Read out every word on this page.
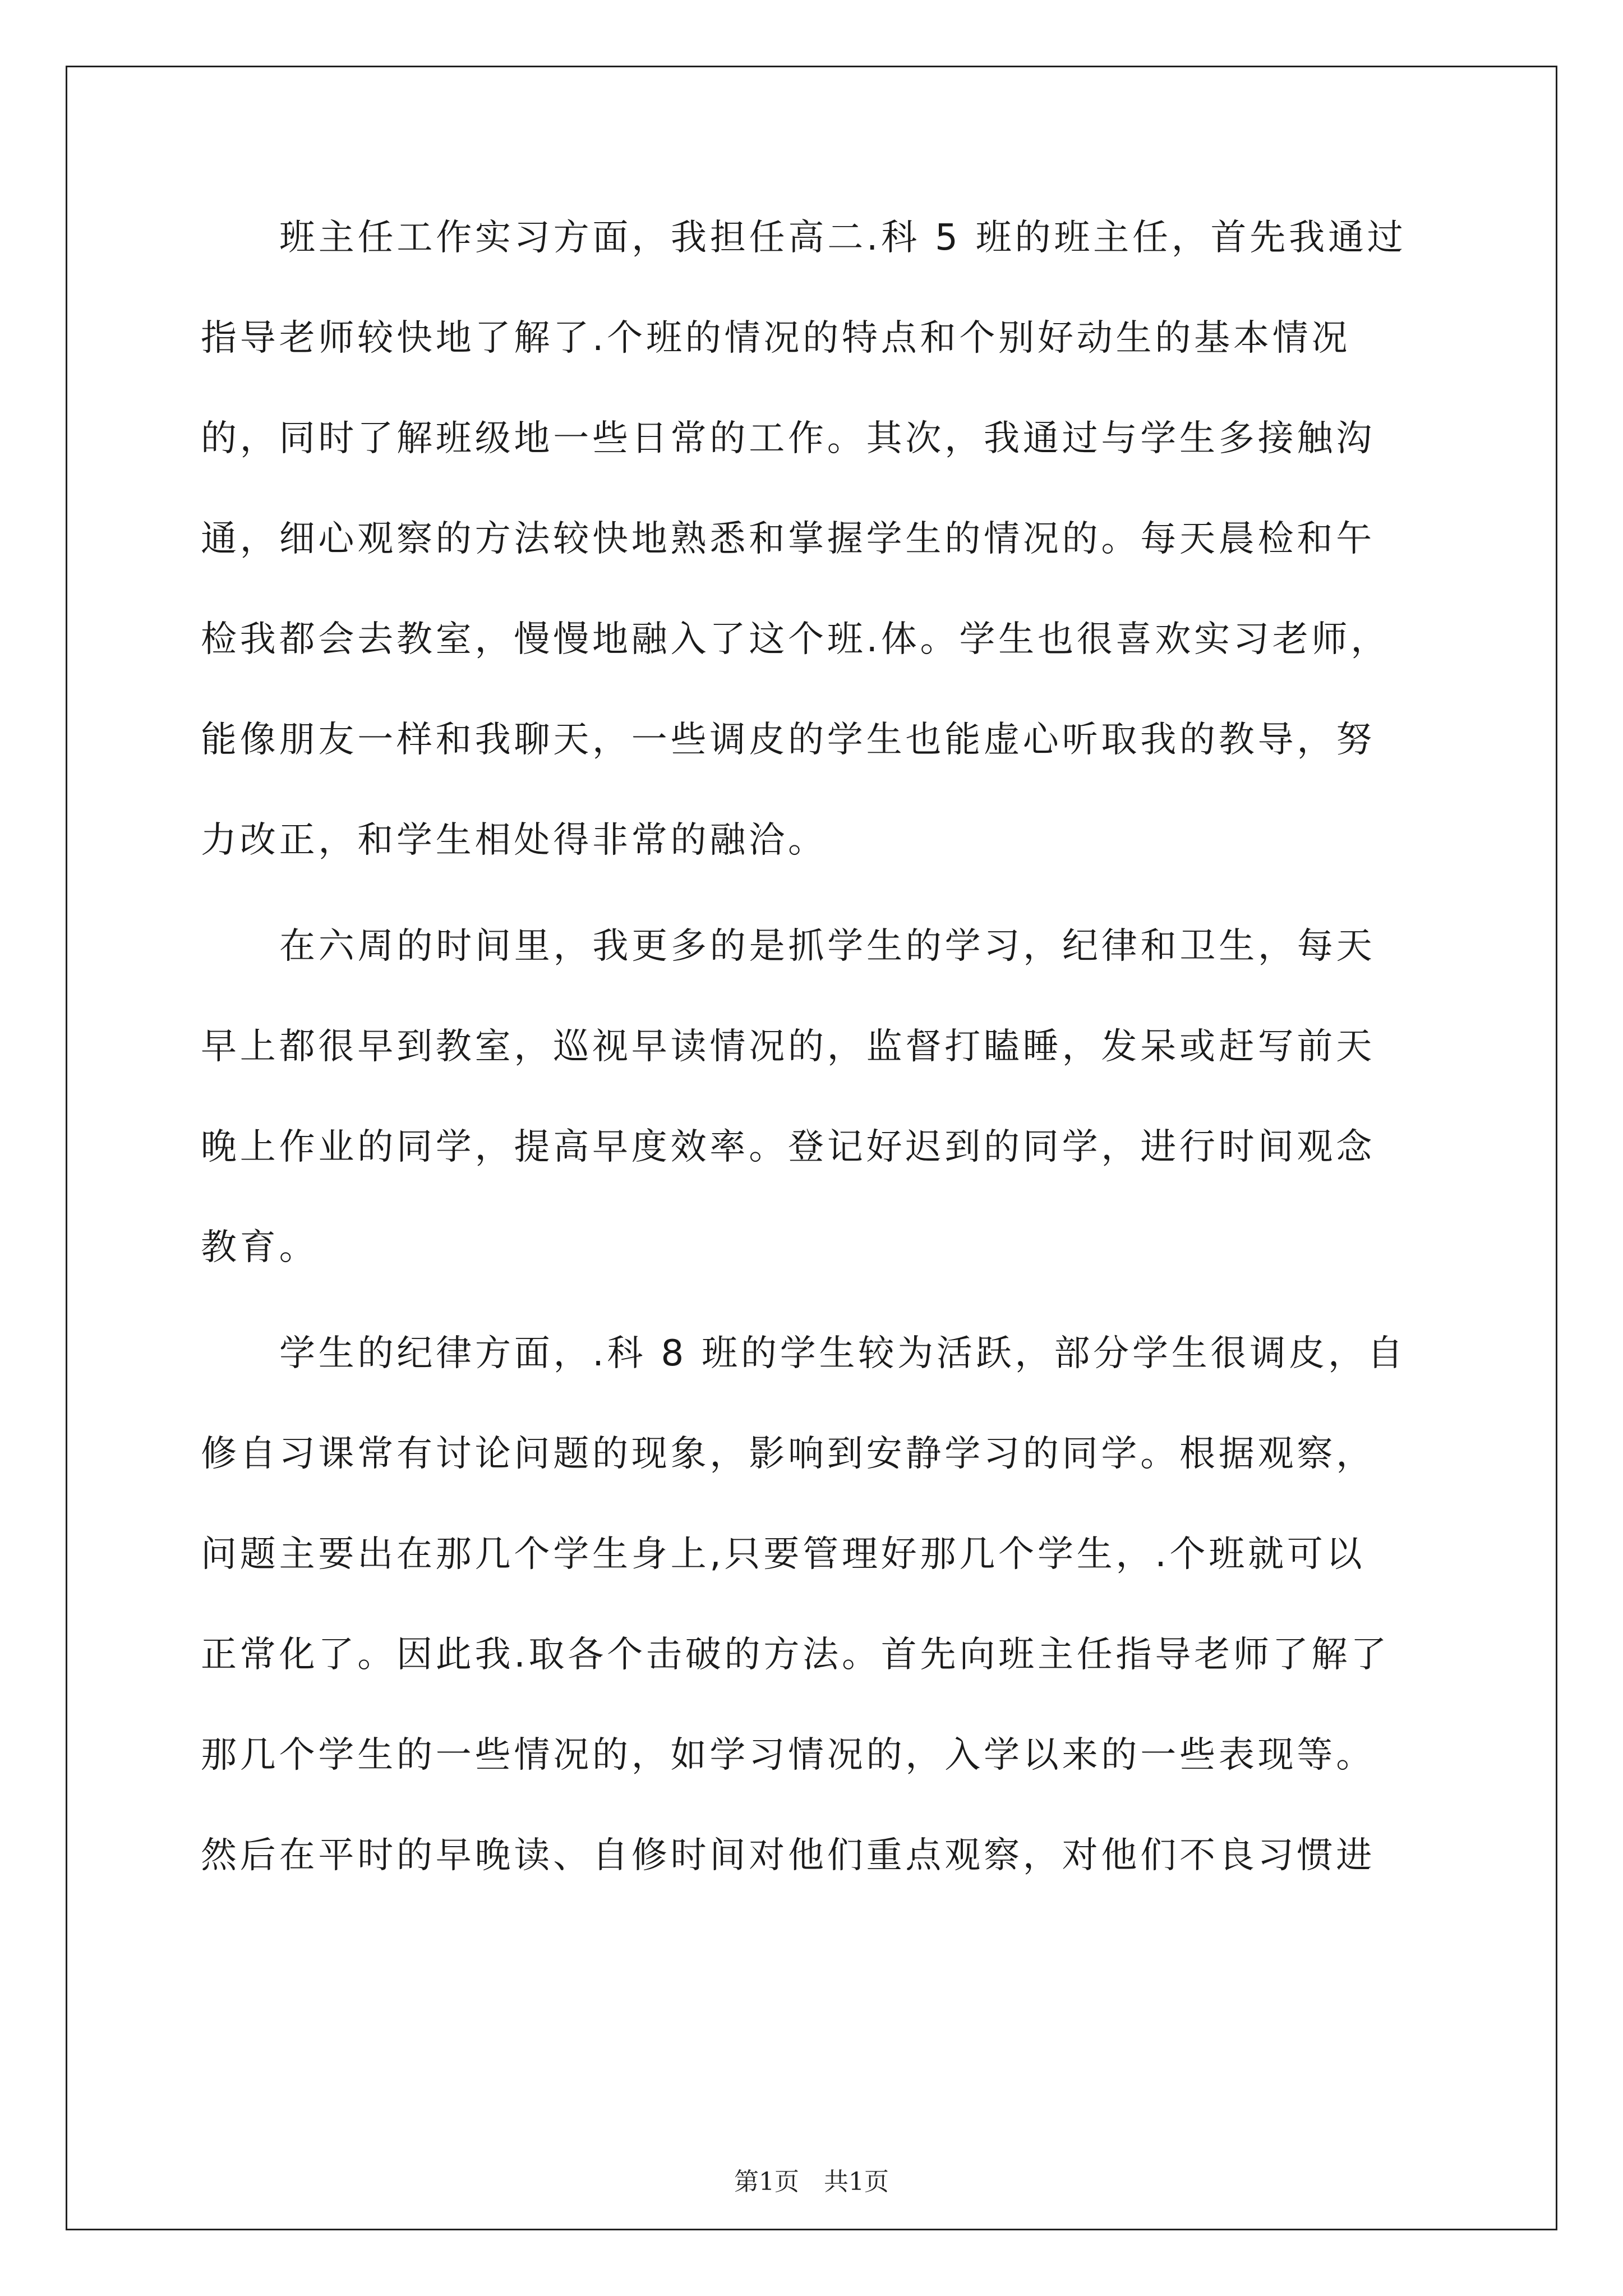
班主任工作实习方面，我担任高二.科 5 班的班主任，首先我通过
指导老师较快地了解了.个班的情况的特点和个别好动生的基本情况
的，同时了解班级地一些日常的工作。其次，我通过与学生多接触沟
通，细心观察的方法较快地熟悉和掌握学生的情况的。每天晨检和午
检我都会去教室，慢慢地融入了这个班.体。学生也很喜欢实习老师，
能像朋友一样和我聊天，一些调皮的学生也能虚心听取我的教导，努
力改正，和学生相处得非常的融洽。
在六周的时间里，我更多的是抓学生的学习，纪律和卫生，每天
早上都很早到教室，巡视早读情况的，监督打瞌睡，发呆或赶写前天
晚上作业的同学，提高早度效率。登记好迟到的同学，进行时间观念
教育。
学生的纪律方面，.科 8 班的学生较为活跃，部分学生很调皮，自
修自习课常有讨论问题的现象，影响到安静学习的同学。根据观察，
问题主要出在那几个学生身上,只要管理好那几个学生，.个班就可以
正常化了。因此我.取各个击破的方法。首先向班主任指导老师了解了
那几个学生的一些情况的，如学习情况的，入学以来的一些表现等。
然后在平时的早晚读、自修时间对他们重点观察，对他们不良习惯进
第1页　共1页
